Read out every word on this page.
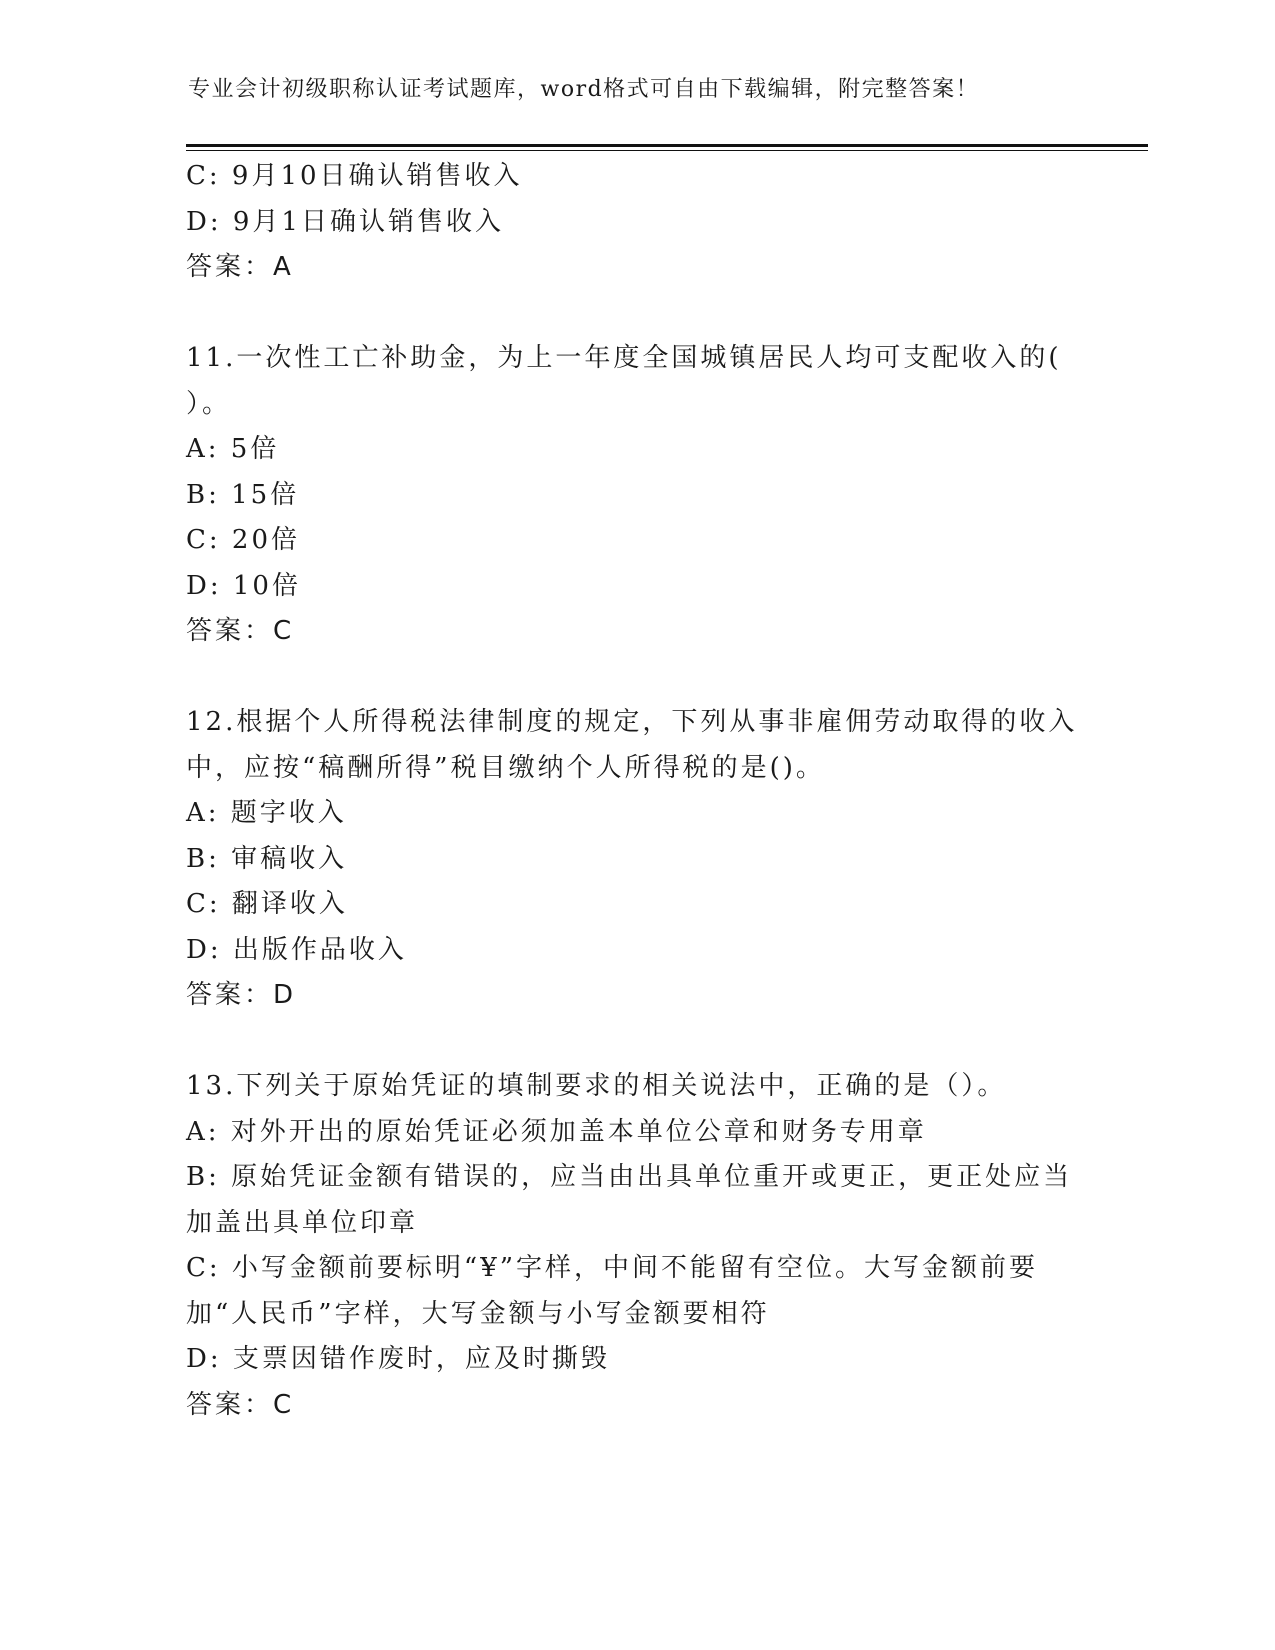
专业会计初级职称认证考试题库，word格式可自由下载编辑，附完整答案！
C: 9月10日确认销售收入
D: 9月1日确认销售收入
答案：A
11.一次性工亡补助金，为上一年度全国城镇居民人均可支配收入的(
）。
A: 5倍
B: 15倍
C: 20倍
D: 10倍
答案：C
12.根据个人所得税法律制度的规定，下列从事非雇佣劳动取得的收入
中，应按“稿酬所得”税目缴纳个人所得税的是()。
A: 题字收入
B: 审稿收入
C: 翻译收入
D: 出版作品收入
答案：D
13.下列关于原始凭证的填制要求的相关说法中，正确的是（）。
A: 对外开出的原始凭证必须加盖本单位公章和财务专用章
B: 原始凭证金额有错误的，应当由出具单位重开或更正，更正处应当
加盖出具单位印章
C: 小写金额前要标明“¥”字样，中间不能留有空位。大写金额前要
加“人民币”字样，大写金额与小写金额要相符
D: 支票因错作废时，应及时撕毁
答案：C
